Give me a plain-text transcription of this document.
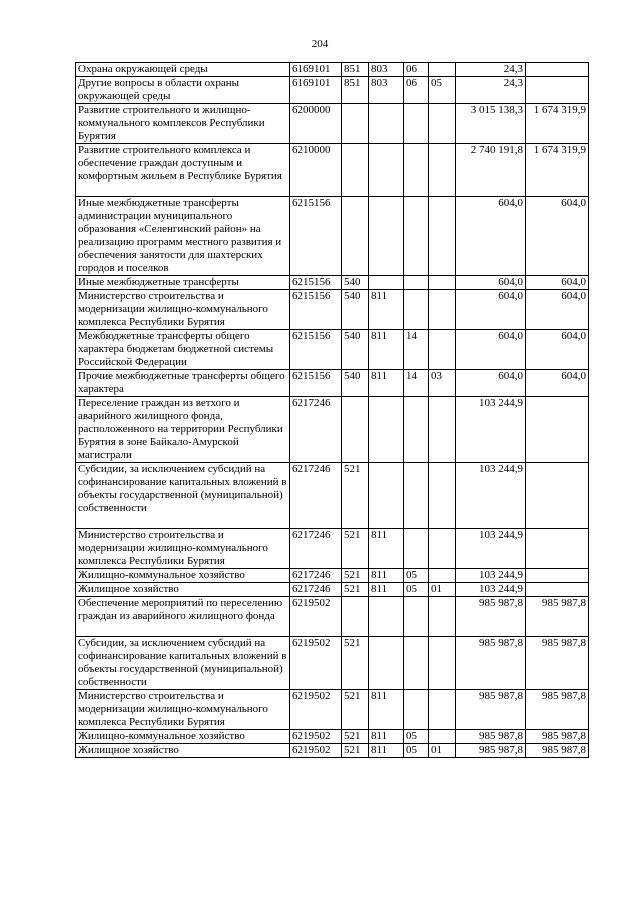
204
Охрана окружающей среды	6169101	851	803	06		24,3	
Другие вопросы в области охраны окружающей среды	6169101	851	803	06	05	24,3	
Развитие строительного и жилищно-коммунального комплексов Республики Бурятия	6200000					3 015 138,3	1 674 319,9
Развитие строительного комплекса и обеспечение граждан доступным и комфортным жильем в Республике Бурятия	6210000					2 740 191,8	1 674 319,9
Иные межбюджетные трансферты администрации муниципального образования «Селенгинский район» на реализацию программ местного развития и обеспечения занятости для шахтерских городов и поселков	6215156					604,0	604,0
Иные межбюджетные трансферты	6215156	540				604,0	604,0
Министерство строительства и модернизации жилищно-коммунального комплекса Республики Бурятия	6215156	540	811			604,0	604,0
Межбюджетные трансферты общего характера бюджетам бюджетной системы Российской Федерации	6215156	540	811	14		604,0	604,0
Прочие межбюджетные трансферты общего характера	6215156	540	811	14	03	604,0	604,0
Переселение граждан из ветхого и аварийного жилищного фонда, расположенного на территории Республики Бурятия в зоне Байкало-Амурской магистрали	6217246					103 244,9	
Субсидии, за исключением субсидий на софинансирование капитальных вложений в объекты государственной (муниципальной) собственности	6217246	521				103 244,9	
Министерство строительства и модернизации жилищно-коммунального комплекса Республики Бурятия	6217246	521	811			103 244,9	
Жилищно-коммунальное хозяйство	6217246	521	811	05		103 244,9	
Жилищное хозяйство	6217246	521	811	05	01	103 244,9	
Обеспечение мероприятий по переселению граждан из аварийного жилищного фонда	6219502					985 987,8	985 987,8
Субсидии, за исключением субсидий на софинансирование капитальных вложений в объекты государственной (муниципальной) собственности	6219502	521				985 987,8	985 987,8
Министерство строительства и модернизации жилищно-коммунального комплекса Республики Бурятия	6219502	521	811			985 987,8	985 987,8
Жилищно-коммунальное хозяйство	6219502	521	811	05		985 987,8	985 987,8
Жилищное хозяйство	6219502	521	811	05	01	985 987,8	985 987,8
